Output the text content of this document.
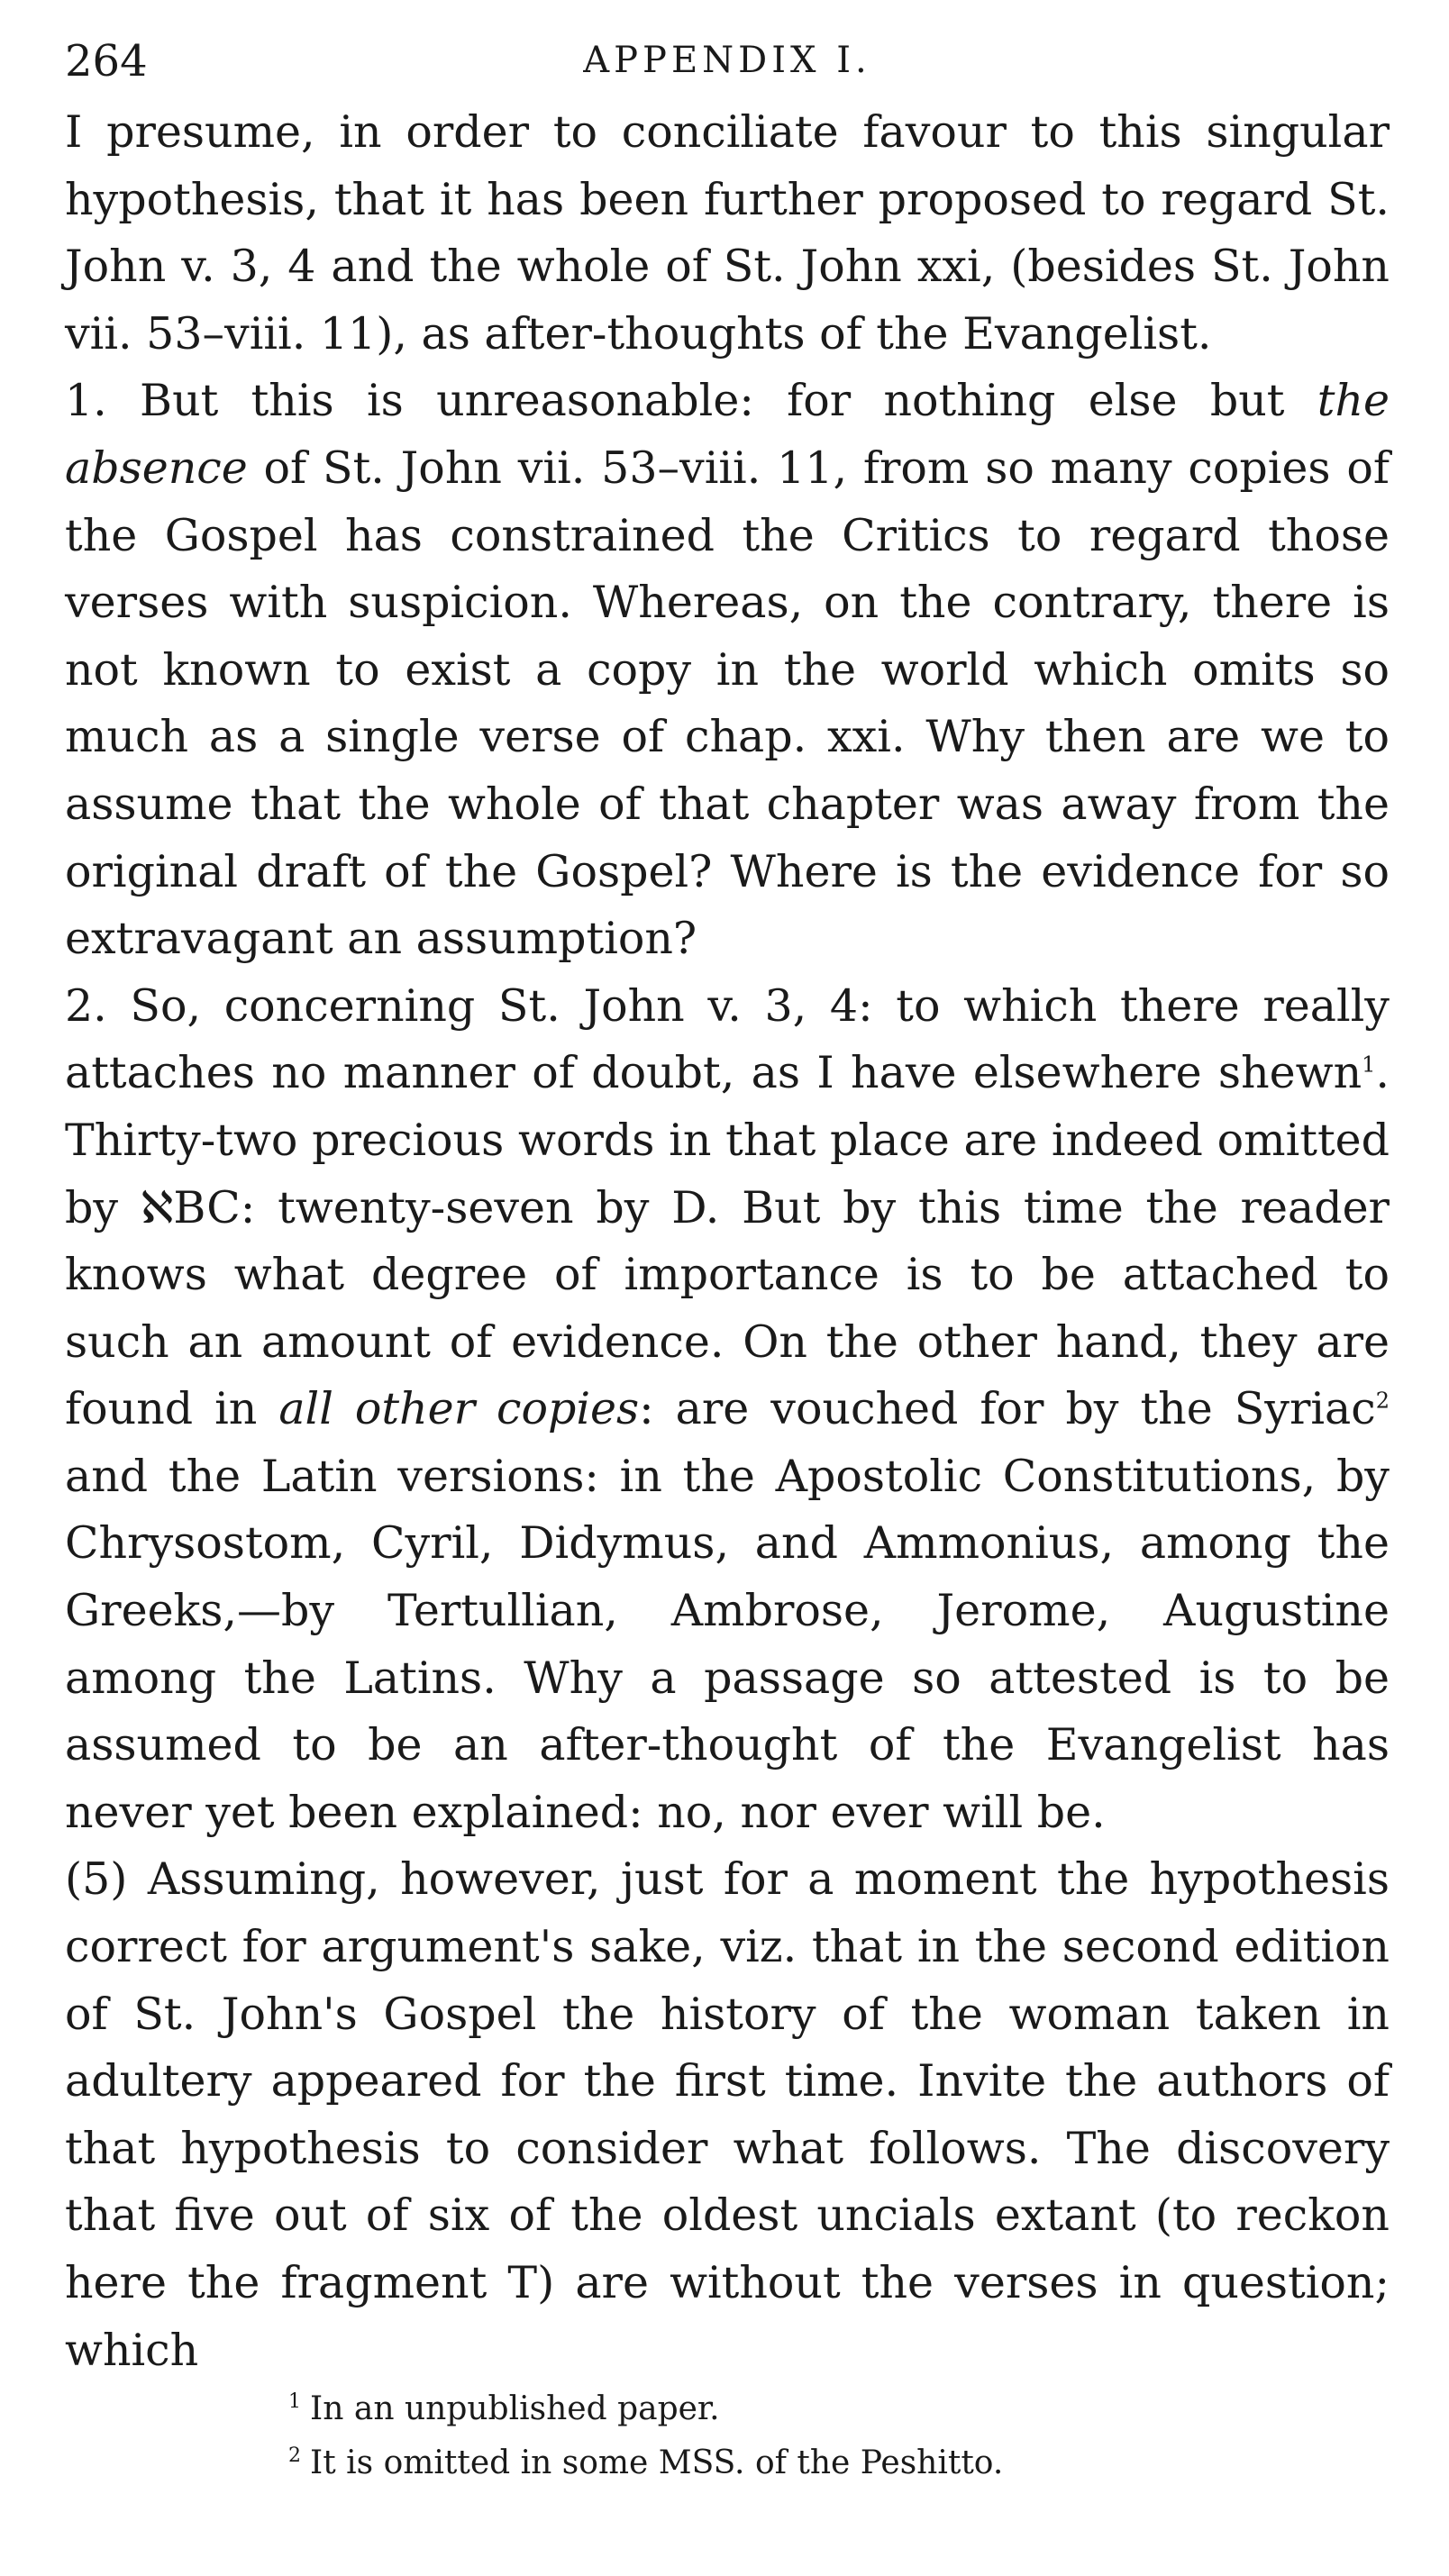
264	APPENDIX I.

I presume, in order to conciliate favour to this singular hypothesis, that it has been further proposed to regard St. John v. 3, 4 and the whole of St. John xxi, (besides St. John vii. 53–viii. 11), as after-thoughts of the Evangelist.

1. But this is unreasonable: for nothing else but the absence of St. John vii. 53–viii. 11, from so many copies of the Gospel has constrained the Critics to regard those verses with suspicion. Whereas, on the contrary, there is not known to exist a copy in the world which omits so much as a single verse of chap. xxi. Why then are we to assume that the whole of that chapter was away from the original draft of the Gospel? Where is the evidence for so extravagant an assumption?

2. So, concerning St. John v. 3, 4: to which there really attaches no manner of doubt, as I have elsewhere shewn$^1$. Thirty-two precious words in that place are indeed omitted by ℵBC: twenty-seven by D. But by this time the reader knows what degree of importance is to be attached to such an amount of evidence. On the other hand, they are found in all other copies: are vouched for by the Syriac$^2$ and the Latin versions: in the Apostolic Constitutions, by Chrysostom, Cyril, Didymus, and Ammonius, among the Greeks,—by Tertullian, Ambrose, Jerome, Augustine among the Latins. Why a passage so attested is to be assumed to be an after-thought of the Evangelist has never yet been explained: no, nor ever will be.

(5) Assuming, however, just for a moment the hypothesis correct for argument's sake, viz. that in the second edition of St. John's Gospel the history of the woman taken in adultery appeared for the first time. Invite the authors of that hypothesis to consider what follows. The discovery that five out of six of the oldest uncials extant (to reckon here the fragment T) are without the verses in question; which

$^1$ In an unpublished paper.
$^2$ It is omitted in some MSS. of the Peshitto.
